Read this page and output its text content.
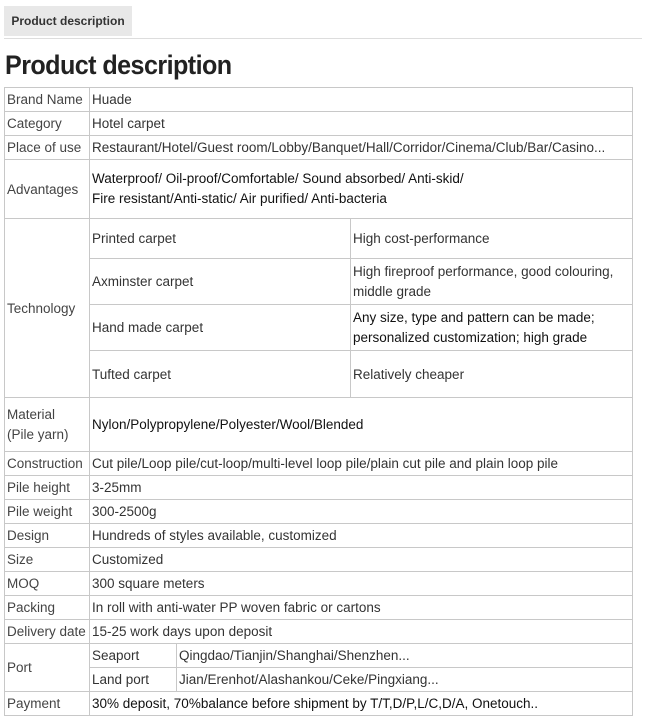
Product description
Product description
Brand Name	Huade		
Category	Hotel carpet		
Place of use	Restaurant/Hotel/Guest room/Lobby/Banquet/Hall/Corridor/Cinema/Club/Bar/Casino...		
Advantages	Waterproof/ Oil-proof/Comfortable/ Sound absorbed/ Anti-skid/
Fire resistant/Anti-static/ Air purified/ Anti-bacteria		

Technology	Printed carpet		High cost-performance

	Axminster carpet		High fireproof performance, good colouring,
middle grade

	Hand made carpet		Any size, type and pattern can be made;
personalized customization; high grade

	Tufted carpet		Relatively cheaper

Material
(Pile yarn)	Nylon/Polypropylene/Polyester/Wool/Blended		
Construction	Cut pile/Loop pile/cut-loop/multi-level loop pile/plain cut pile and plain loop pile		
Pile height	3-25mm		
Pile weight	300-2500g		
Design	Hundreds of styles available, customized		
Size	Customized		
MOQ	300 square meters		
Packing	In roll with anti-water PP woven fabric or cartons		
Delivery date	15-25 work days upon deposit		
Port	Seaport	Qingdao/Tianjin/Shanghai/Shenzhen...	
	Land port	Jian/Erenhot/Alashankou/Ceke/Pingxiang...	
Payment	30% deposit, 70%balance before shipment by T/T,D/P,L/C,D/A, Onetouch..		
